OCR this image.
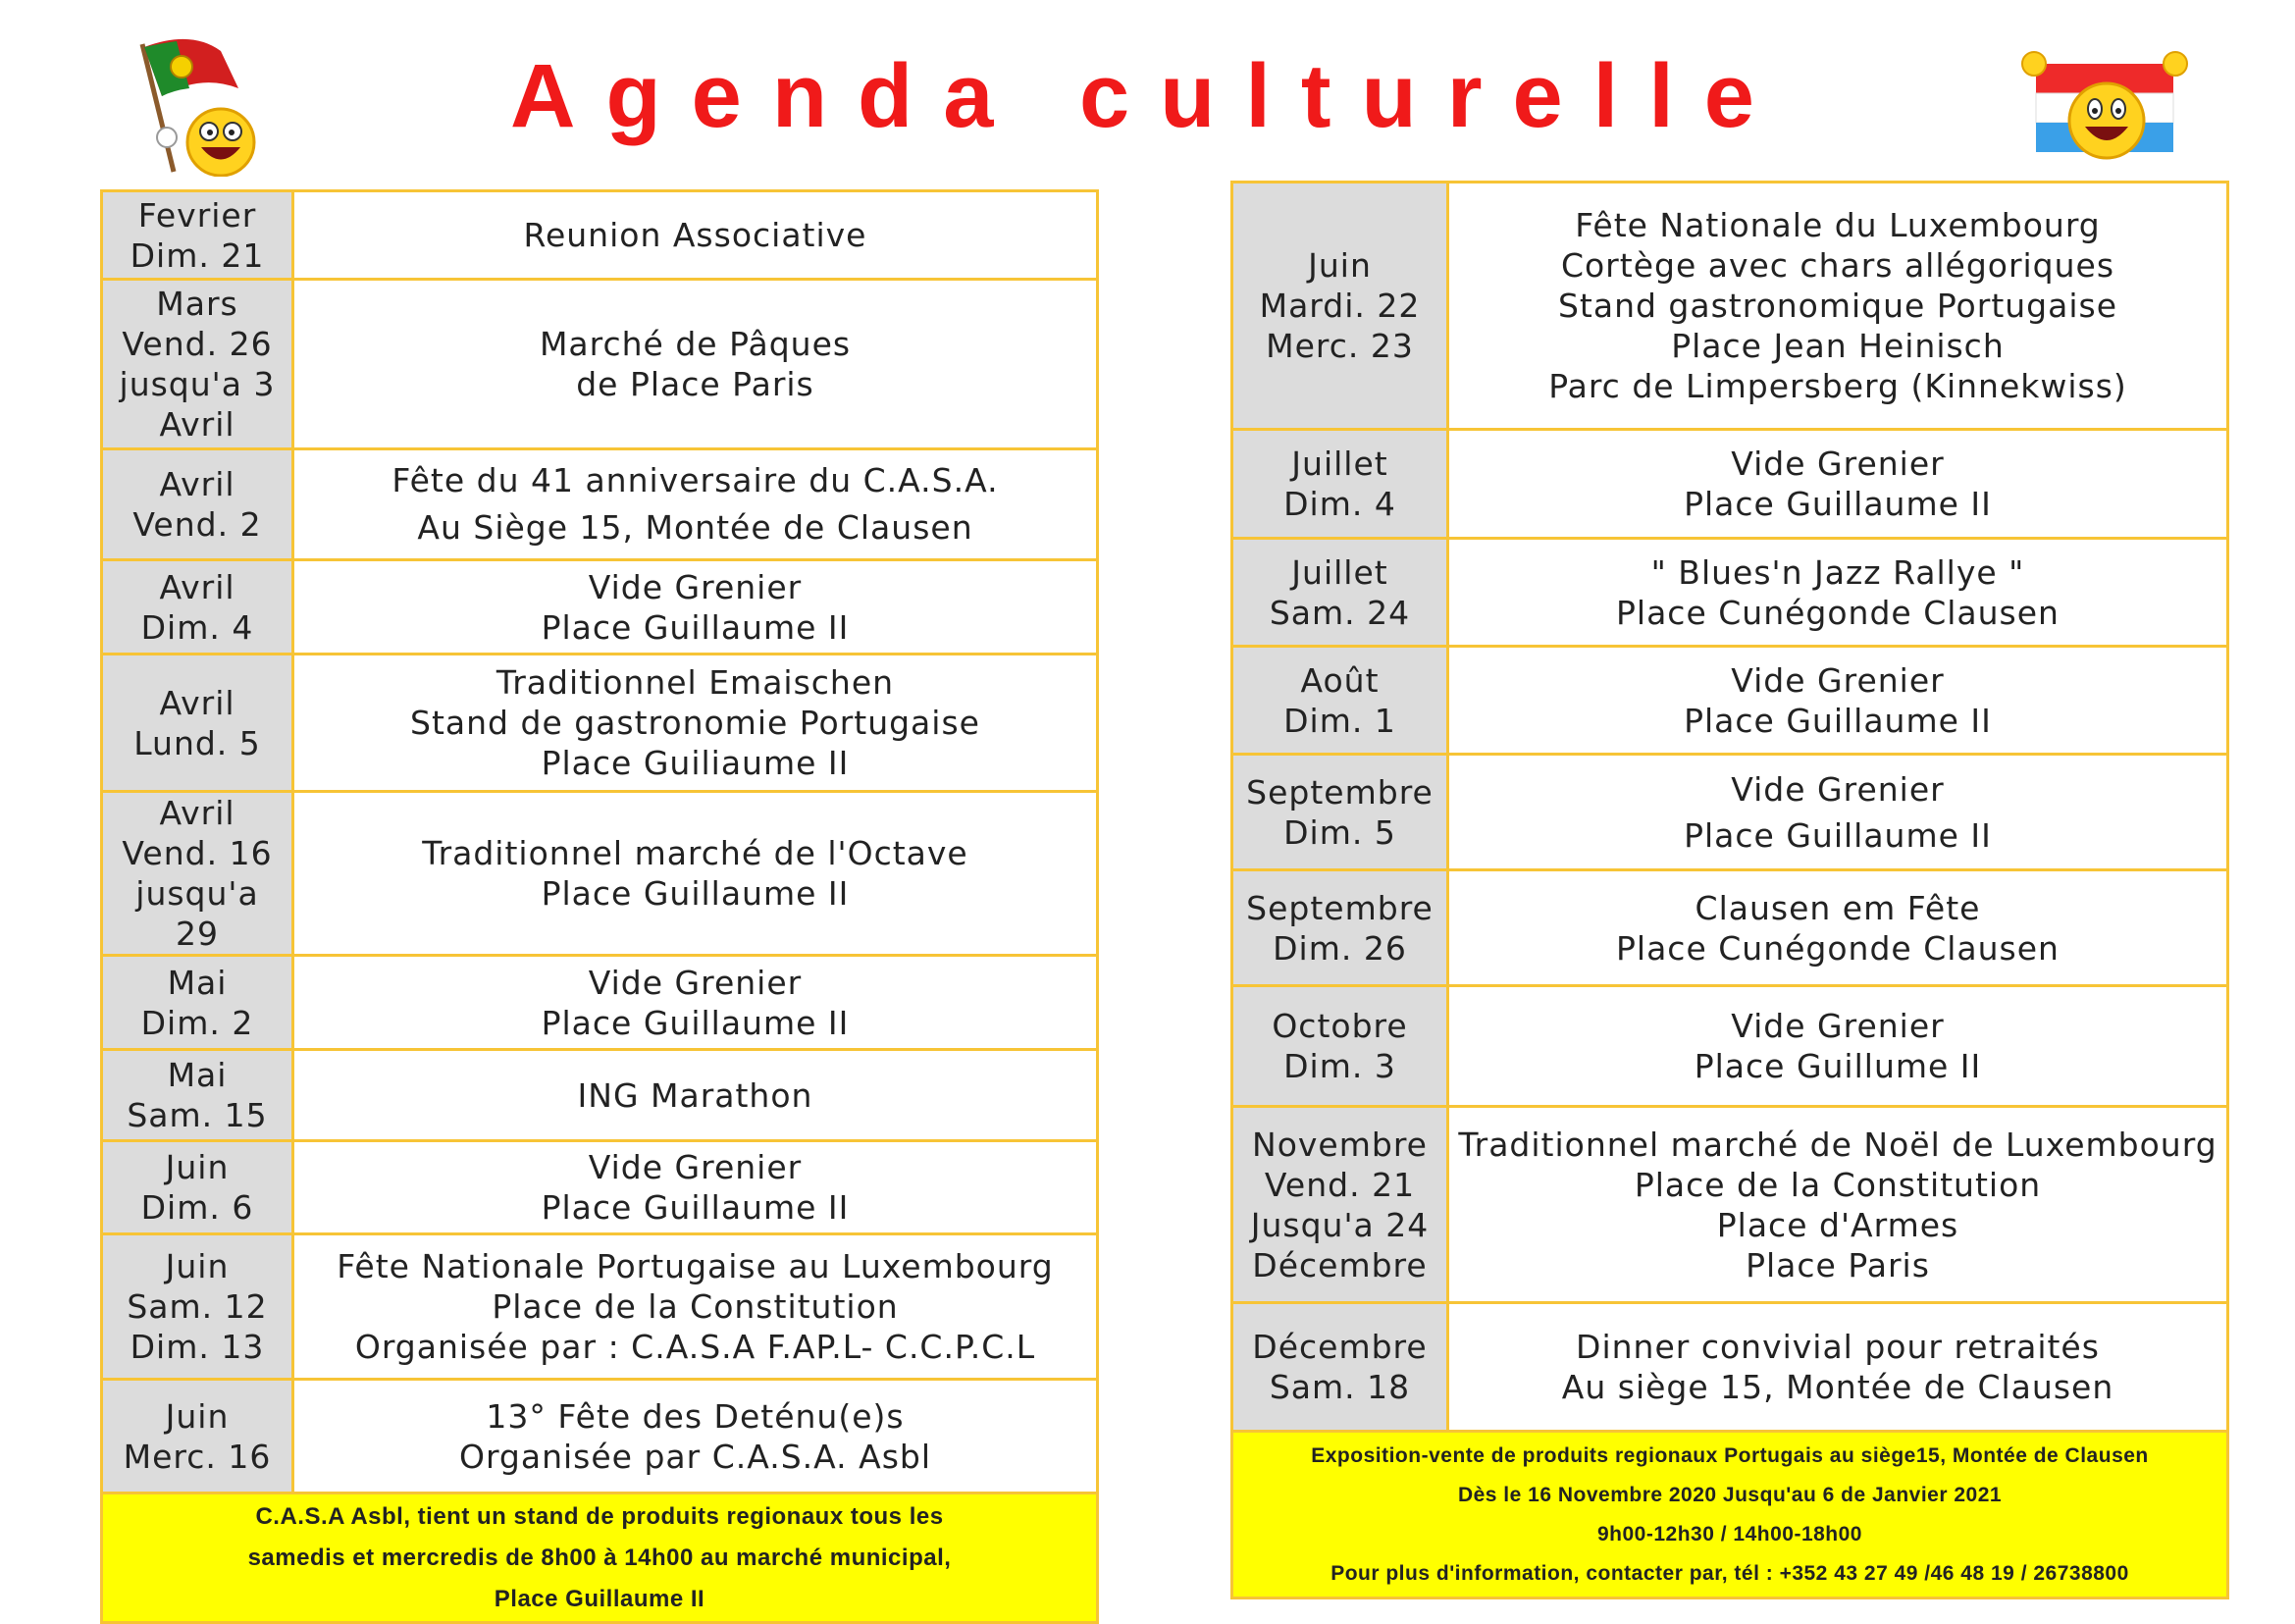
Agenda culturelle
Fevrier
Dim. 21	Reunion Associative
Mars
Vend. 26
jusqu'a 3
Avril	Marché de Pâques
de Place Paris
Avril
Vend. 2	Fête du 41 anniversaire du C.A.S.A.
Au Siège 15, Montée de Clausen
Avril
Dim. 4	Vide Grenier
Place Guillaume II
Avril
Lund. 5	Traditionnel Emaischen
Stand de gastronomie Portugaise
Place Guiliaume II
Avril
Vend. 16
jusqu'a 29	Traditionnel marché de l'Octave
Place Guillaume II
Mai
Dim. 2	Vide Grenier
Place Guillaume II
Mai
Sam. 15	ING Marathon
Juin
Dim. 6	Vide Grenier
Place Guillaume II
Juin
Sam. 12
Dim. 13	Fête Nationale Portugaise au Luxembourg
Place de la Constitution
Organisée par : C.A.S.A F.AP.L- C.C.P.C.L
Juin
Merc. 16	13° Fête des Deténu(e)s
Organisée par C.A.S.A. Asbl
C.A.S.A Asbl, tient un stand de produits regionaux tous les
samedis et mercredis de 8h00 à 14h00 au marché municipal,
Place Guillaume II	
Juin
Mardi. 22
Merc. 23	Fête Nationale du Luxembourg
Cortège avec chars allégoriques
Stand gastronomique Portugaise
Place Jean Heinisch
Parc de Limpersberg (Kinnekwiss)
Juillet
Dim. 4	Vide Grenier
Place Guillaume II
Juillet
Sam. 24	" Blues'n Jazz Rallye "
Place Cunégonde Clausen
Août
Dim. 1	Vide Grenier
Place Guillaume II
Septembre
Dim. 5	Vide Grenier
Place Guillaume II
Septembre
Dim. 26	Clausen em Fête
Place Cunégonde Clausen
Octobre
Dim. 3	Vide Grenier
Place Guillume II
Novembre
Vend. 21
Jusqu'a 24
Décembre	Traditionnel marché de Noël de Luxembourg
Place de la Constitution
Place d'Armes
Place Paris
Décembre
Sam. 18	Dinner convivial pour retraités
Au siège 15, Montée de Clausen
Exposition-vente de produits regionaux Portugais au siège15, Montée de Clausen
Dès le 16 Novembre 2020 Jusqu'au 6 de Janvier 2021
9h00-12h30 / 14h00-18h00
Pour plus d'information, contacter par, tél : +352 43 27 49 /46 48 19 / 26738800	
